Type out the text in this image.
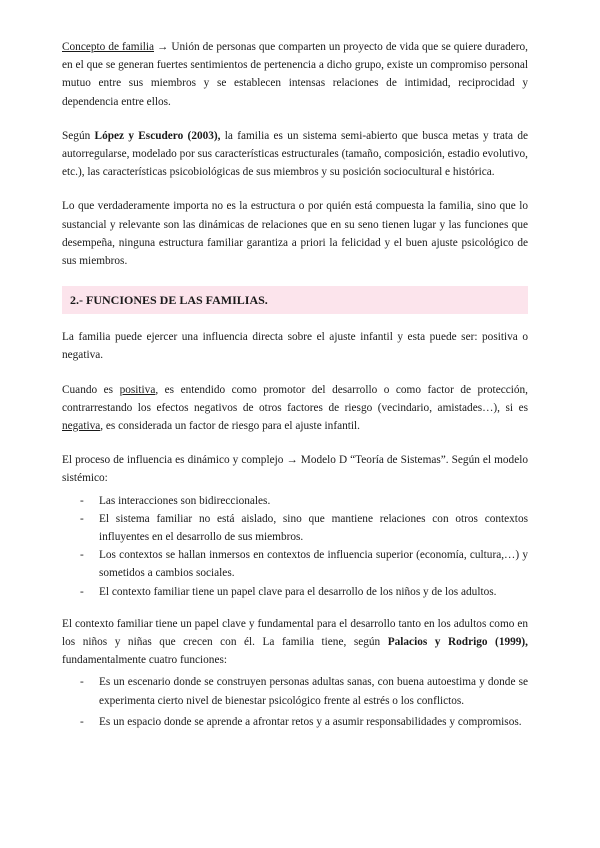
Concepto de familia → Unión de personas que comparten un proyecto de vida que se quiere duradero, en el que se generan fuertes sentimientos de pertenencia a dicho grupo, existe un compromiso personal mutuo entre sus miembros y se establecen intensas relaciones de intimidad, reciprocidad y dependencia entre ellos.

Según López y Escudero (2003), la familia es un sistema semi-abierto que busca metas y trata de autorregularse, modelado por sus características estructurales (tamaño, composición, estadio evolutivo, etc.), las características psicobiológicas de sus miembros y su posición sociocultural e histórica.

Lo que verdaderamente importa no es la estructura o por quién está compuesta la familia, sino que lo sustancial y relevante son las dinámicas de relaciones que en su seno tienen lugar y las funciones que desempeña, ninguna estructura familiar garantiza a priori la felicidad y el buen ajuste psicológico de sus miembros.

2.- FUNCIONES DE LAS FAMILIAS.

La familia puede ejercer una influencia directa sobre el ajuste infantil y esta puede ser: positiva o negativa.

Cuando es positiva, es entendido como promotor del desarrollo o como factor de protección, contrarrestando los efectos negativos de otros factores de riesgo (vecindario, amistades…), si es negativa, es considerada un factor de riesgo para el ajuste infantil.

El proceso de influencia es dinámico y complejo → Modelo D “Teoría de Sistemas”. Según el modelo sistémico:

- Las interacciones son bidireccionales.
- El sistema familiar no está aislado, sino que mantiene relaciones con otros contextos influyentes en el desarrollo de sus miembros.
- Los contextos se hallan inmersos en contextos de influencia superior (economía, cultura,…) y sometidos a cambios sociales.
- El contexto familiar tiene un papel clave para el desarrollo de los niños y de los adultos.

El contexto familiar tiene un papel clave y fundamental para el desarrollo tanto en los adultos como en los niños y niñas que crecen con él. La familia tiene, según Palacios y Rodrigo (1999), fundamentalmente cuatro funciones:

- Es un escenario donde se construyen personas adultas sanas, con buena autoestima y donde se experimenta cierto nivel de bienestar psicológico frente al estrés o los conflictos.
- Es un espacio donde se aprende a afrontar retos y a asumir responsabilidades y compromisos.
